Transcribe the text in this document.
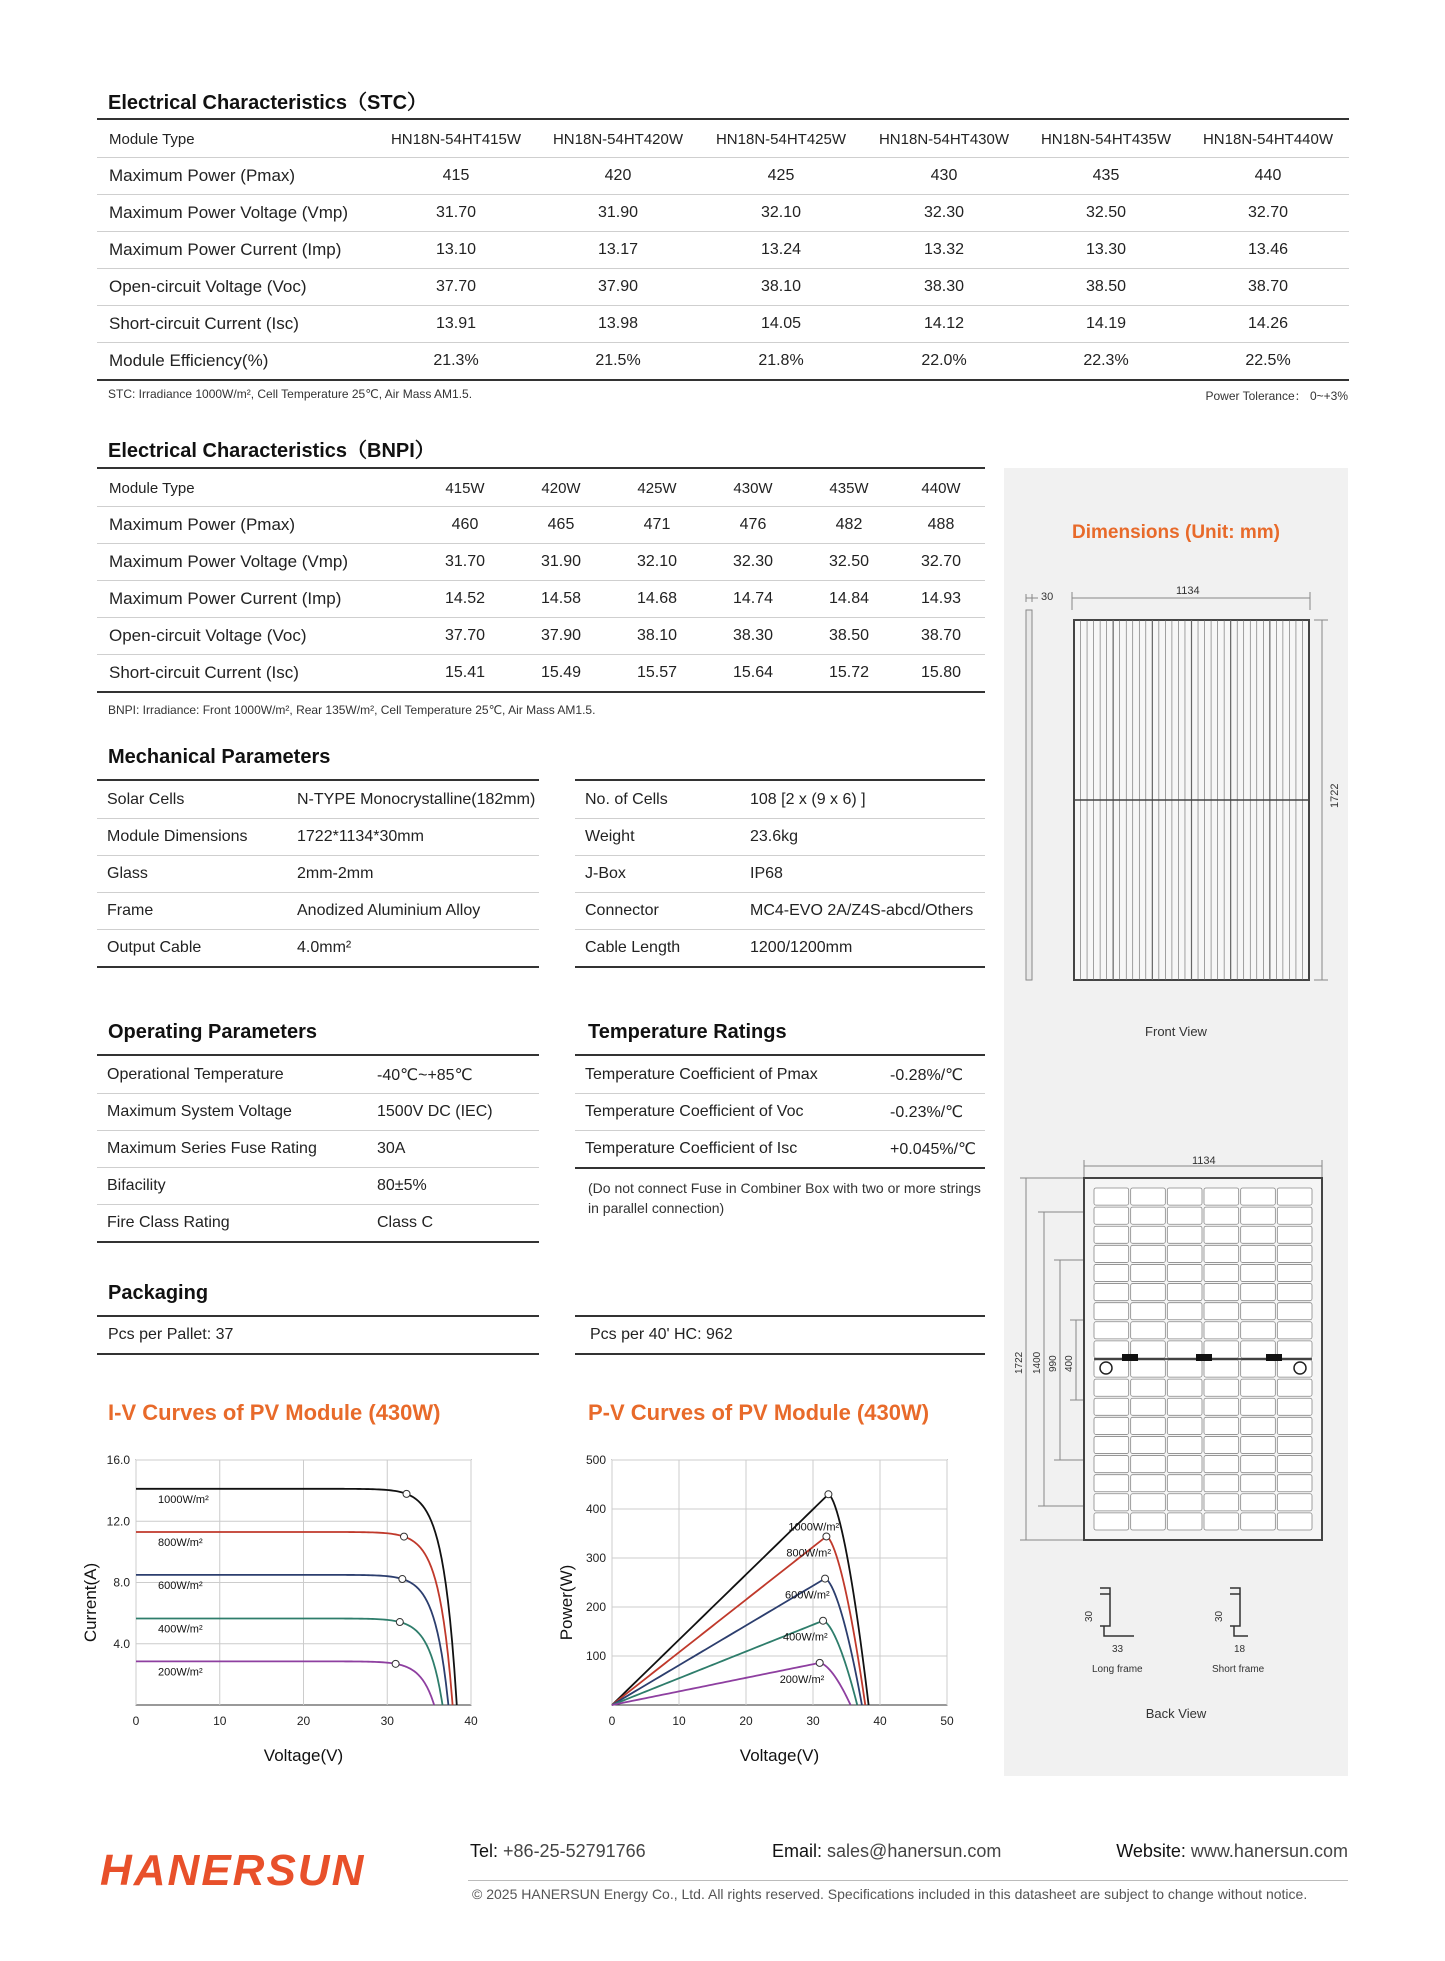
Electrical Characteristics（STC）
Module Type	HN18N-54HT415W	HN18N-54HT420W	HN18N-54HT425W	HN18N-54HT430W	HN18N-54HT435W	HN18N-54HT440W
Maximum Power (Pmax)	415	420	425	430	435	440
Maximum Power Voltage (Vmp)	31.70	31.90	32.10	32.30	32.50	32.70
Maximum Power Current (Imp)	13.10	13.17	13.24	13.32	13.30	13.46
Open-circuit Voltage (Voc)	37.70	37.90	38.10	38.30	38.50	38.70
Short-circuit Current (Isc)	13.91	13.98	14.05	14.12	14.19	14.26
Module Efficiency(%)	21.3%	21.5%	21.8%	22.0%	22.3%	22.5%
STC: Irradiance 1000W/m², Cell Temperature 25℃, Air Mass AM1.5.	Power Tolerance： 0~+3%
Electrical Characteristics（BNPI）
Module Type	415W	420W	425W	430W	435W	440W
Maximum Power (Pmax)	460	465	471	476	482	488
Maximum Power Voltage (Vmp)	31.70	31.90	32.10	32.30	32.50	32.70
Maximum Power Current (Imp)	14.52	14.58	14.68	14.74	14.84	14.93
Open-circuit Voltage (Voc)	37.70	37.90	38.10	38.30	38.50	38.70
Short-circuit Current (Isc)	15.41	15.49	15.57	15.64	15.72	15.80
BNPI: Irradiance: Front 1000W/m², Rear 135W/m², Cell Temperature 25℃, Air Mass AM1.5.
Mechanical Parameters
Solar Cells	N-TYPE Monocrystalline(182mm)
Module Dimensions	1722*1134*30mm
Glass	2mm-2mm
Frame	Anodized Aluminium Alloy
Output Cable	4.0mm²
No. of Cells	108 [2 x (9 x 6) ]
Weight	23.6kg
J-Box	IP68
Connector	MC4-EVO 2A/Z4S-abcd/Others
Cable Length	1200/1200mm
Operating Parameters
Operational Temperature	-40℃~+85℃
Maximum System Voltage	1500V DC (IEC)
Maximum Series Fuse Rating	30A
Bifacility	80±5%
Fire Class Rating	Class C
Temperature Ratings
Temperature Coefficient of Pmax	-0.28%/℃
Temperature Coefficient of Voc	-0.23%/℃
Temperature Coefficient of Isc	+0.045%/℃
(Do not connect Fuse in Combiner Box with two or more strings in parallel connection)
Packaging
Pcs per Pallet: 37	Pcs per 40' HC: 962
I-V Curves of PV Module (430W)	P-V Curves of PV Module (430W)
0	10	20	30	40
4.0
8.0
12.0
16.0
Voltage(V)
Current(A)
1000W/m²
800W/m²
600W/m²
400W/m²
200W/m²
0	10	20	30	40	50
100
200
300
400
500
Voltage(V)
Power(W)
1000W/m²
800W/m²
600W/m²
400W/m²
200W/m²
Dimensions (Unit: mm)
30	1134
1722
Front View
1134
1722 1400 990 400
30
33
Long frame
30
18
Short frame
Back View
HANERSUN	Tel: +86-25-52791766	Email: sales@hanersun.com	Website: www.hanersun.com
© 2025 HANERSUN Energy Co., Ltd. All rights reserved. Specifications included in this datasheet are subject to change without notice.
